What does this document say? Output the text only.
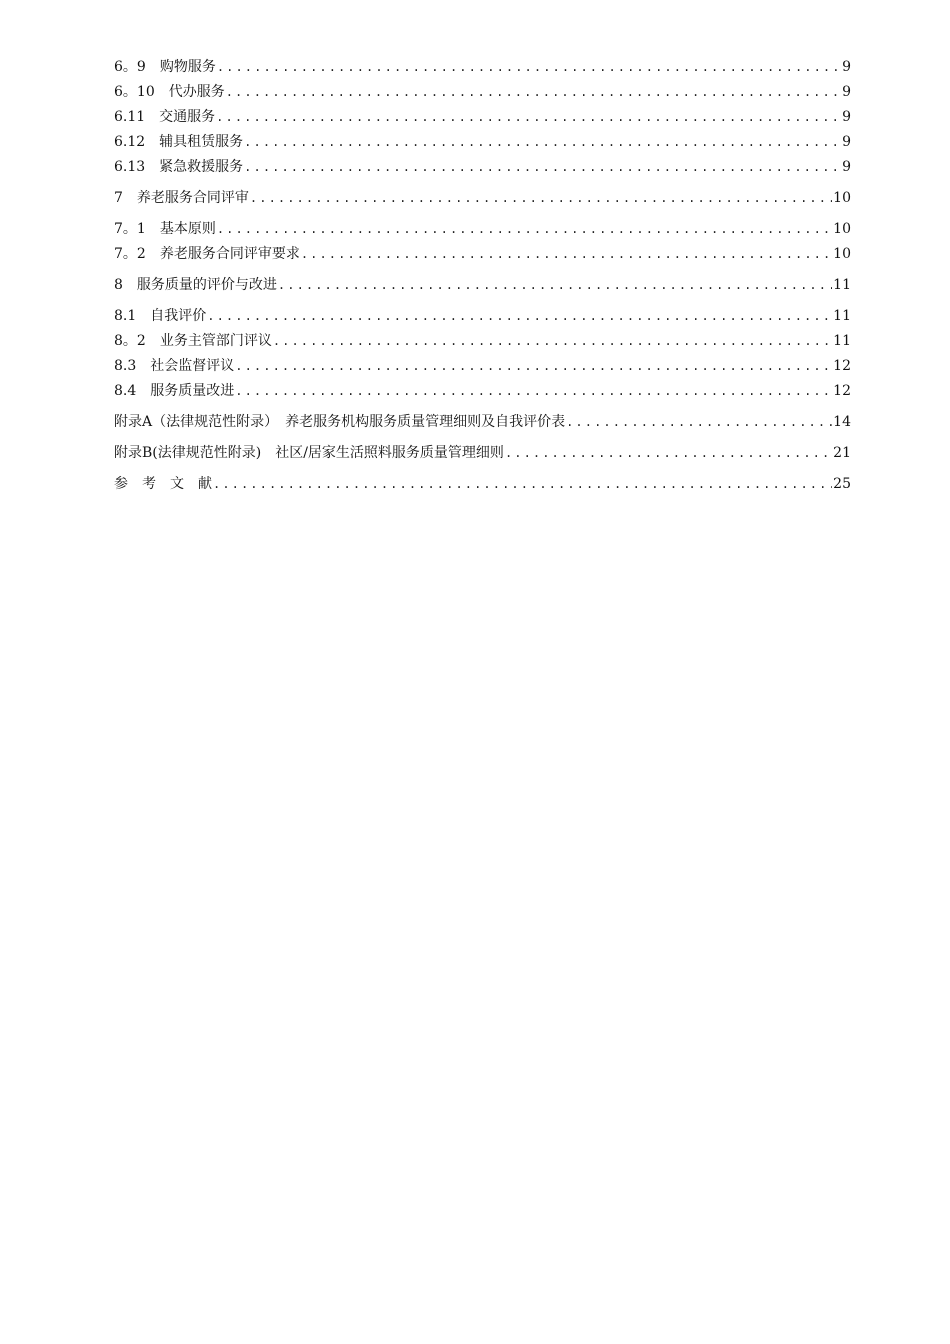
6。9　购物服务 .....	9
6。10　代办服务 .....	9
6.11　交通服务 .....	9
6.12　辅具租赁服务 .....	9
6.13　紧急救援服务 .....	9
7　养老服务合同评审 .....	10
7。1　基本原则 .....	10
7。2　养老服务合同评审要求 .....	10
8　服务质量的评价与改进 .....	11
8.1　自我评价 .....	11
8。2　业务主管部门评议 .....	11
8.3　社会监督评议 .....	12
8.4　服务质量改进 .....	12
附录A（法律规范性附录）　养老服务机构服务质量管理细则及自我评价表 .....	14
附录B(法律规范性附录)　社区/居家生活照料服务质量管理细则 .....	21
参　考　文　献 .....	25
